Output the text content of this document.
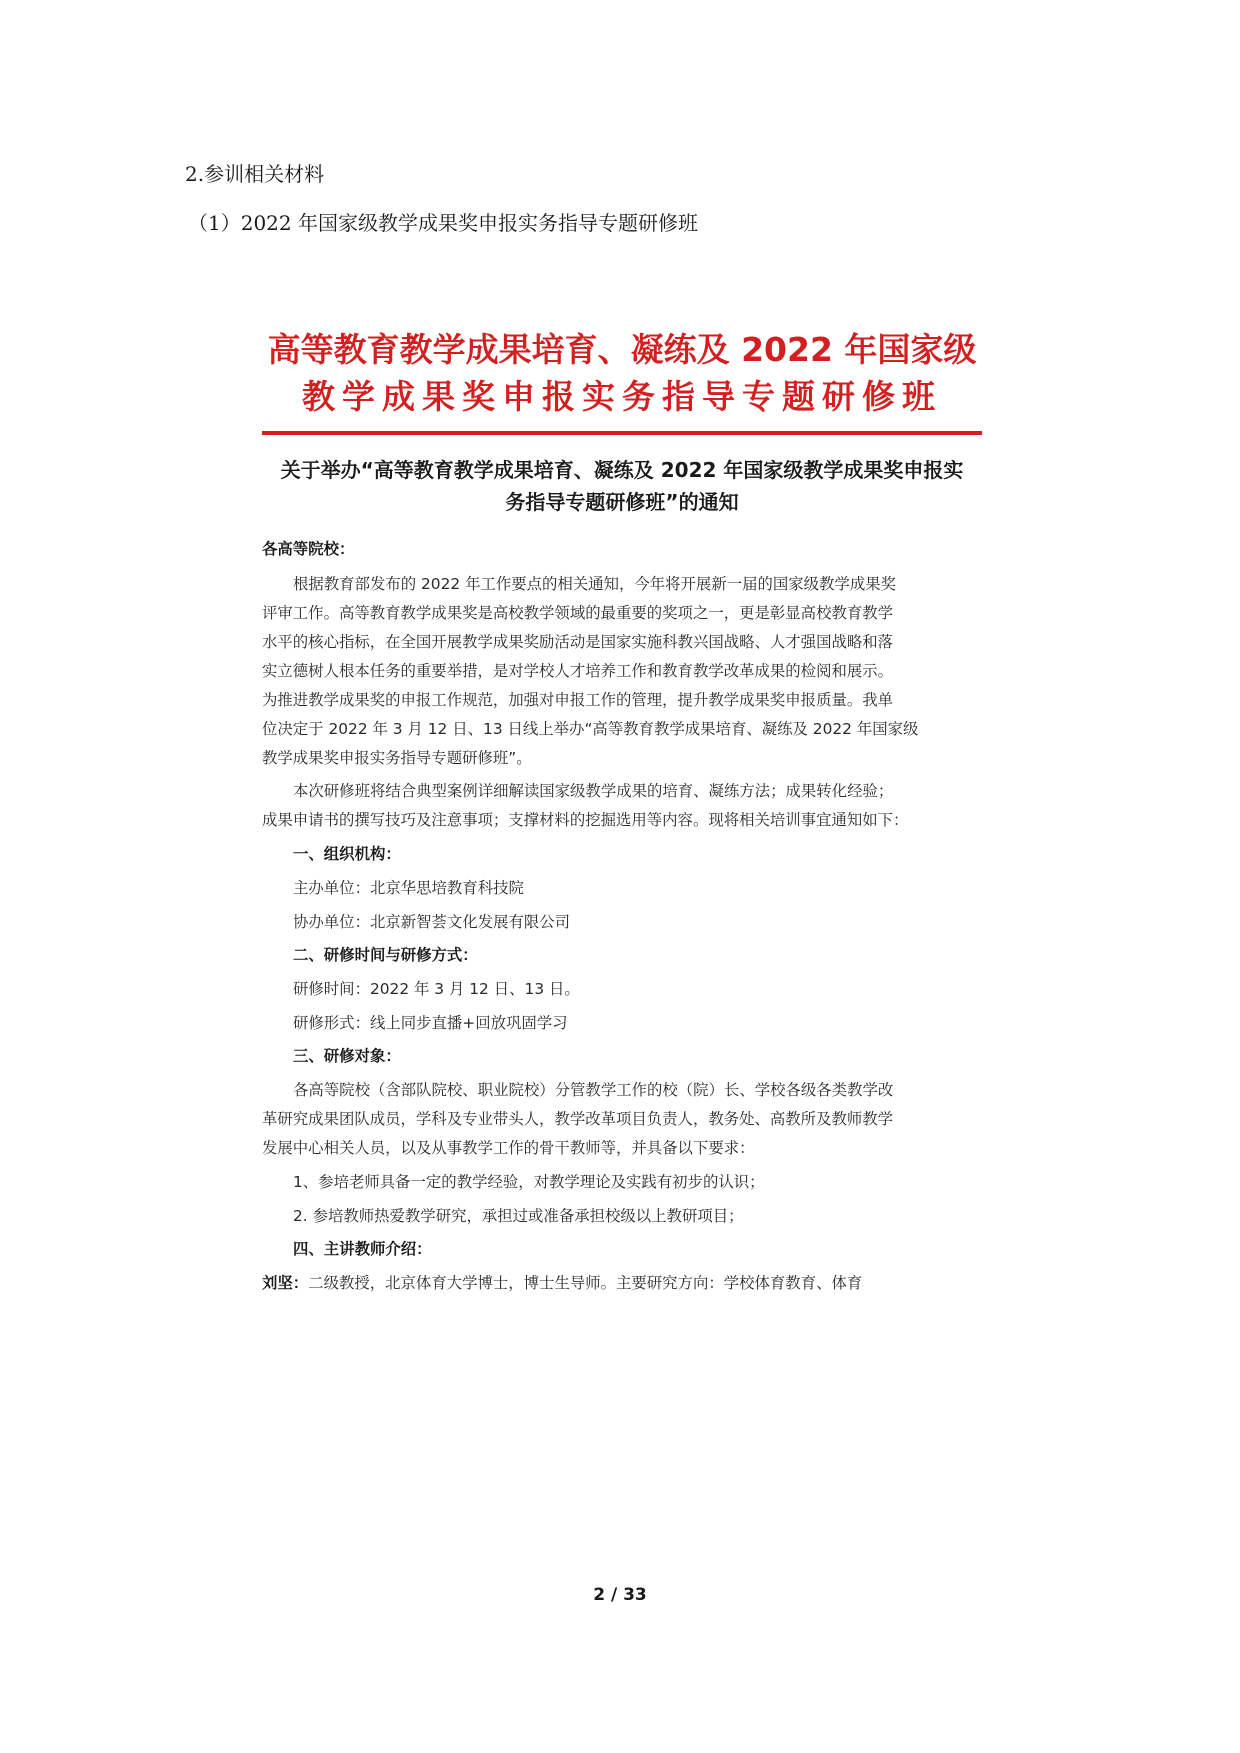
2.参训相关材料

（1）2022 年国家级教学成果奖申报实务指导专题研修班

高等教育教学成果培育、凝练及 2022 年国家级

教学成果奖申报实务指导专题研修班

关于举办“高等教育教学成果培育、凝练及 2022 年国家级教学成果奖申报实

务指导专题研修班”的通知

各高等院校：

根据教育部发布的 2022 年工作要点的相关通知，今年将开展新一届的国家级教学成果奖

评审工作。高等教育教学成果奖是高校教学领域的最重要的奖项之一，更是彰显高校教育教学

水平的核心指标，在全国开展教学成果奖励活动是国家实施科教兴国战略、人才强国战略和落

实立德树人根本任务的重要举措，是对学校人才培养工作和教育教学改革成果的检阅和展示。

为推进教学成果奖的申报工作规范，加强对申报工作的管理，提升教学成果奖申报质量。我单

位决定于 2022 年 3 月 12 日、13 日线上举办“高等教育教学成果培育、凝练及 2022 年国家级

教学成果奖申报实务指导专题研修班”。

本次研修班将结合典型案例详细解读国家级教学成果的培育、凝练方法；成果转化经验；

成果申请书的撰写技巧及注意事项；支撑材料的挖掘选用等内容。现将相关培训事宜通知如下：

一、组织机构：

主办单位：北京华思培教育科技院

协办单位：北京新智荟文化发展有限公司

二、研修时间与研修方式：

研修时间：2022 年 3 月 12 日、13 日。

研修形式：线上同步直播+回放巩固学习

三、研修对象：

各高等院校（含部队院校、职业院校）分管教学工作的校（院）长、学校各级各类教学改

革研究成果团队成员，学科及专业带头人，教学改革项目负责人，教务处、高教所及教师教学

发展中心相关人员，以及从事教学工作的骨干教师等，并具备以下要求：

1、参培老师具备一定的教学经验，对教学理论及实践有初步的认识；

2. 参培教师热爱教学研究，承担过或准备承担校级以上教研项目；

四、主讲教师介绍：

刘坚：二级教授，北京体育大学博士，博士生导师。主要研究方向：学校体育教育、体育

2 / 33
